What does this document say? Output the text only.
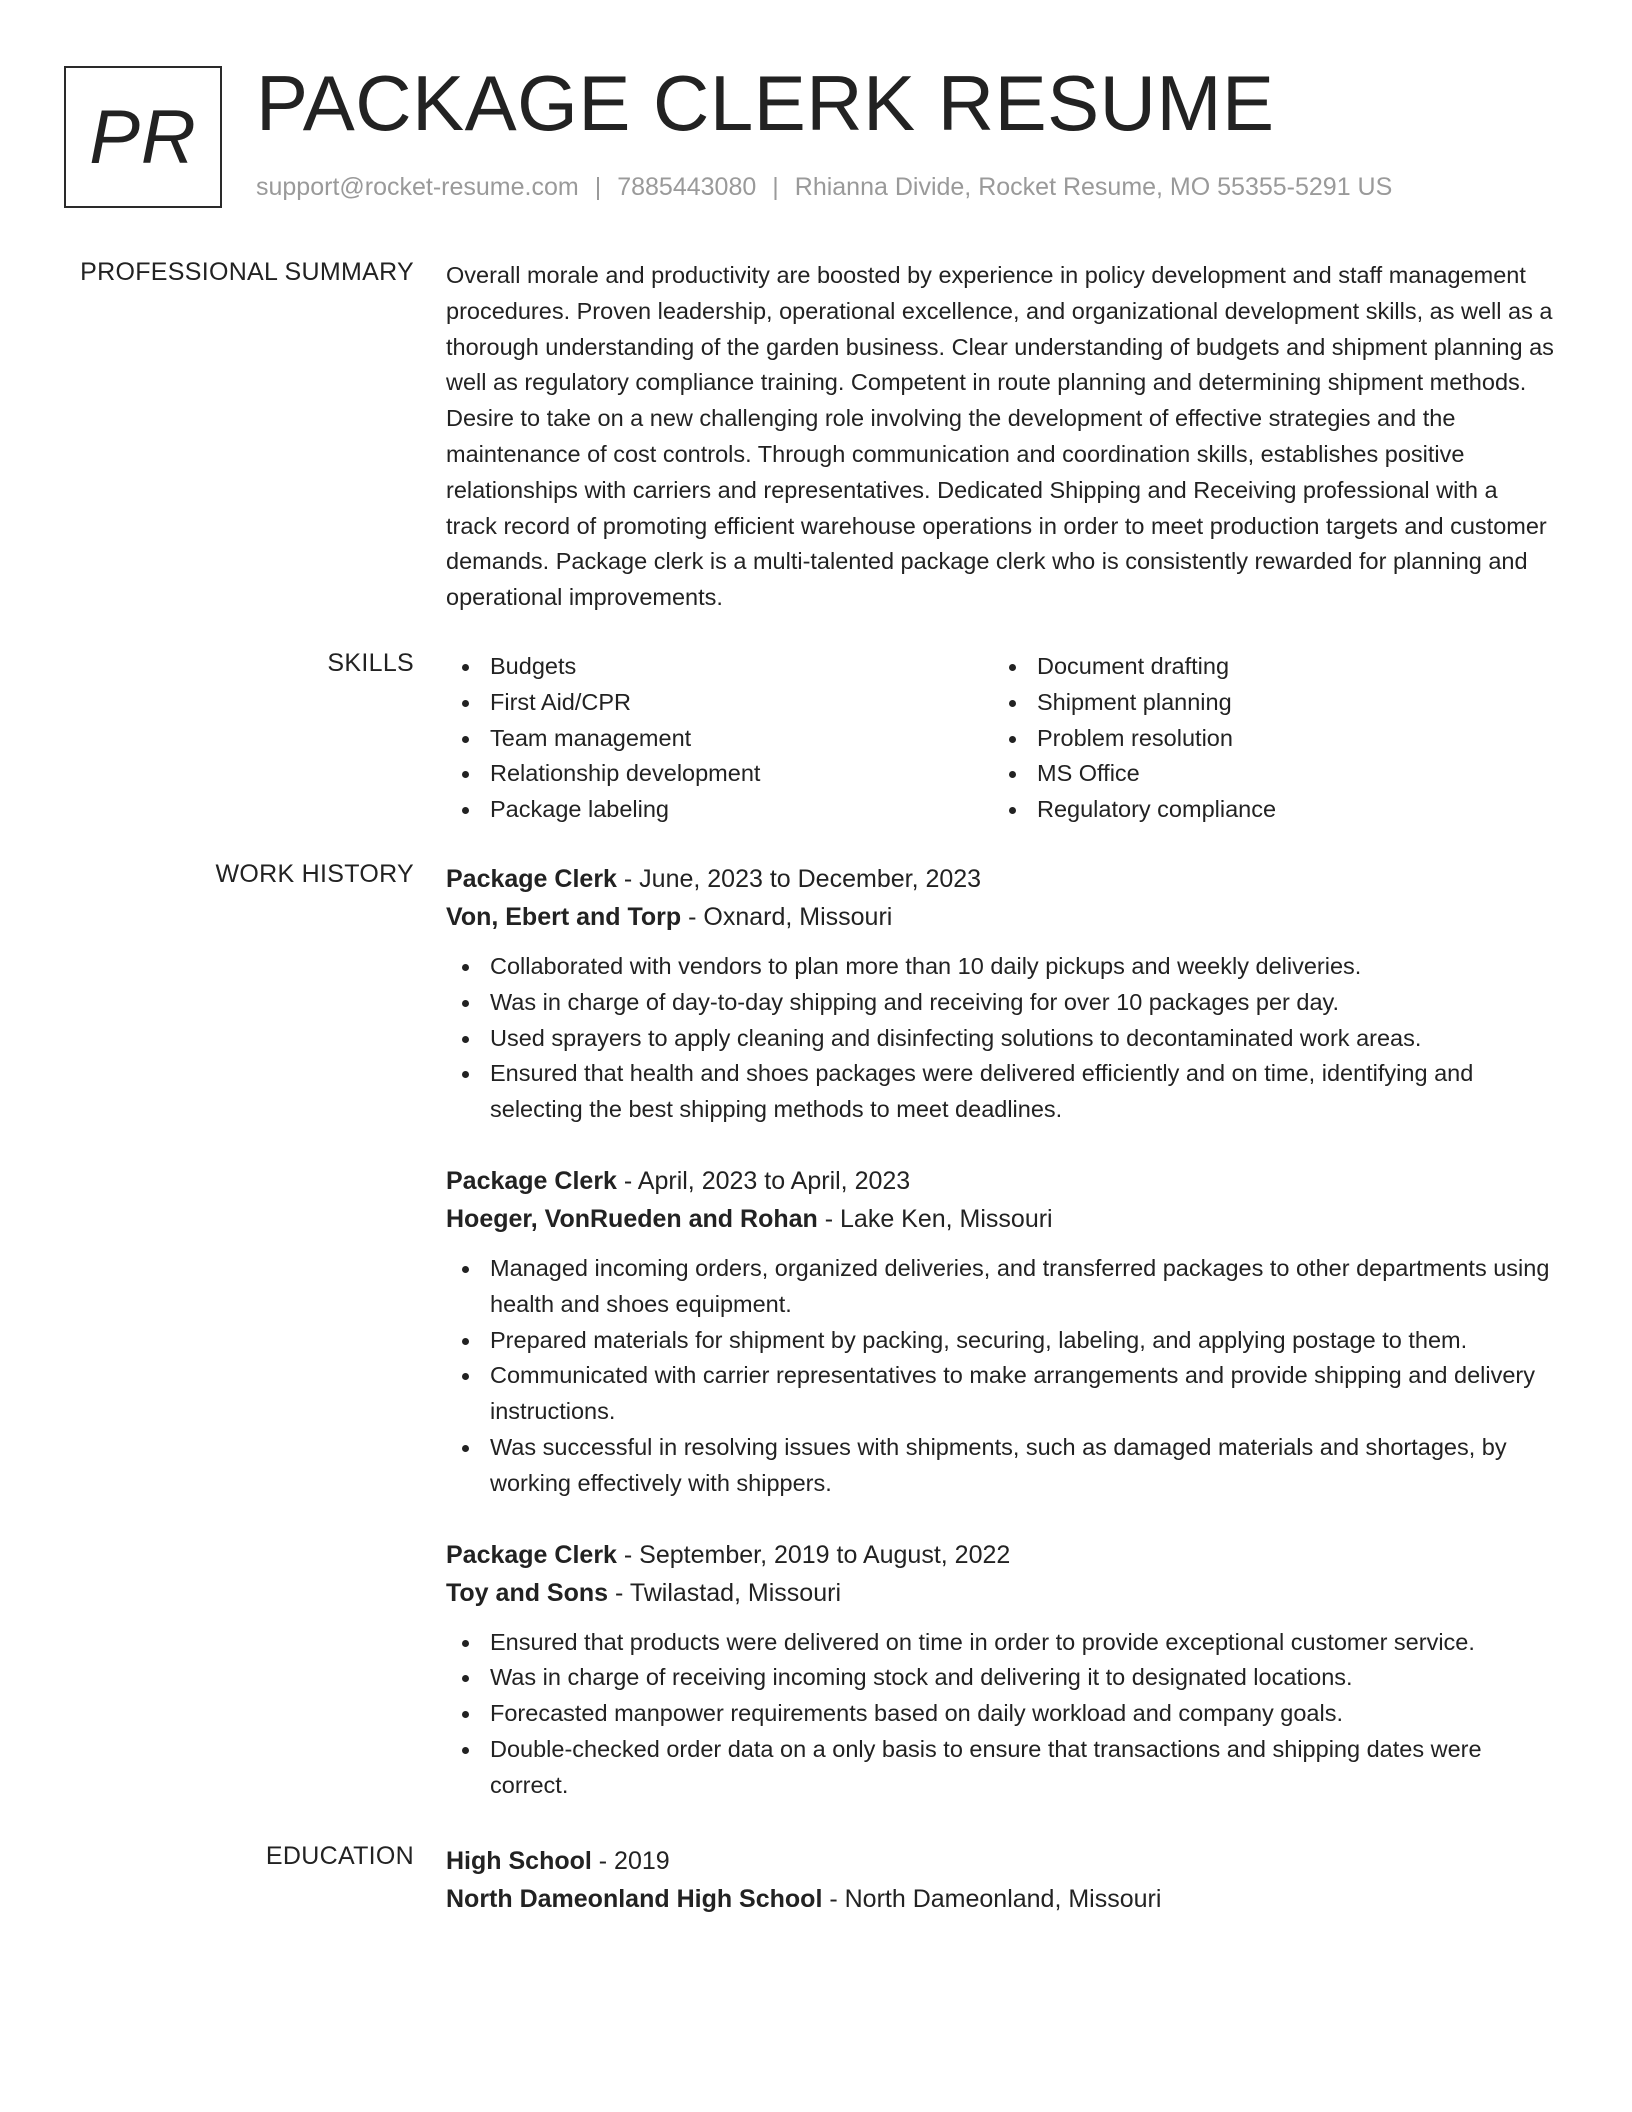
PR PACKAGE CLERK RESUME
support@rocket-resume.com | 7885443080 | Rhianna Divide, Rocket Resume, MO 55355-5291 US
PROFESSIONAL SUMMARY Overall morale and productivity are boosted by experience in policy development and staff management procedures. Proven leadership, operational excellence, and organizational development skills, as well as a thorough understanding of the garden business. Clear understanding of budgets and shipment planning as well as regulatory compliance training. Competent in route planning and determining shipment methods. Desire to take on a new challenging role involving the development of effective strategies and the maintenance of cost controls. Through communication and coordination skills, establishes positive relationships with carriers and representatives. Dedicated Shipping and Receiving professional with a track record of promoting efficient warehouse operations in order to meet production targets and customer demands. Package clerk is a multi-talented package clerk who is consistently rewarded for planning and operational improvements.

SKILLS	Budgets
First Aid/CPR
Team management
Relationship development
Package labeling
Document drafting
Shipment planning
Problem resolution
MS Office
Regulatory compliance
WORK HISTORY Package Clerk - June, 2023 to December, 2023
Von, Ebert and Torp - Oxnard, Missouri
Collaborated with vendors to plan more than 10 daily pickups and weekly deliveries.
Was in charge of day-to-day shipping and receiving for over 10 packages per day.
Used sprayers to apply cleaning and disinfecting solutions to decontaminated work areas.
Ensured that health and shoes packages were delivered efficiently and on time, identifying and selecting the best shipping methods to meet deadlines.
Package Clerk - April, 2023 to April, 2023
Hoeger, VonRueden and Rohan - Lake Ken, Missouri
Managed incoming orders, organized deliveries, and transferred packages to other departments using health and shoes equipment.
Prepared materials for shipment by packing, securing, labeling, and applying postage to them.
Communicated with carrier representatives to make arrangements and provide shipping and delivery instructions.
Was successful in resolving issues with shipments, such as damaged materials and shortages, by working effectively with shippers.
Package Clerk - September, 2019 to August, 2022
Toy and Sons - Twilastad, Missouri
Ensured that products were delivered on time in order to provide exceptional customer service.
Was in charge of receiving incoming stock and delivering it to designated locations.
Forecasted manpower requirements based on daily workload and company goals.
Double-checked order data on a only basis to ensure that transactions and shipping dates were correct.
EDUCATION High School - 2019
North Dameonland High School - North Dameonland, Missouri
